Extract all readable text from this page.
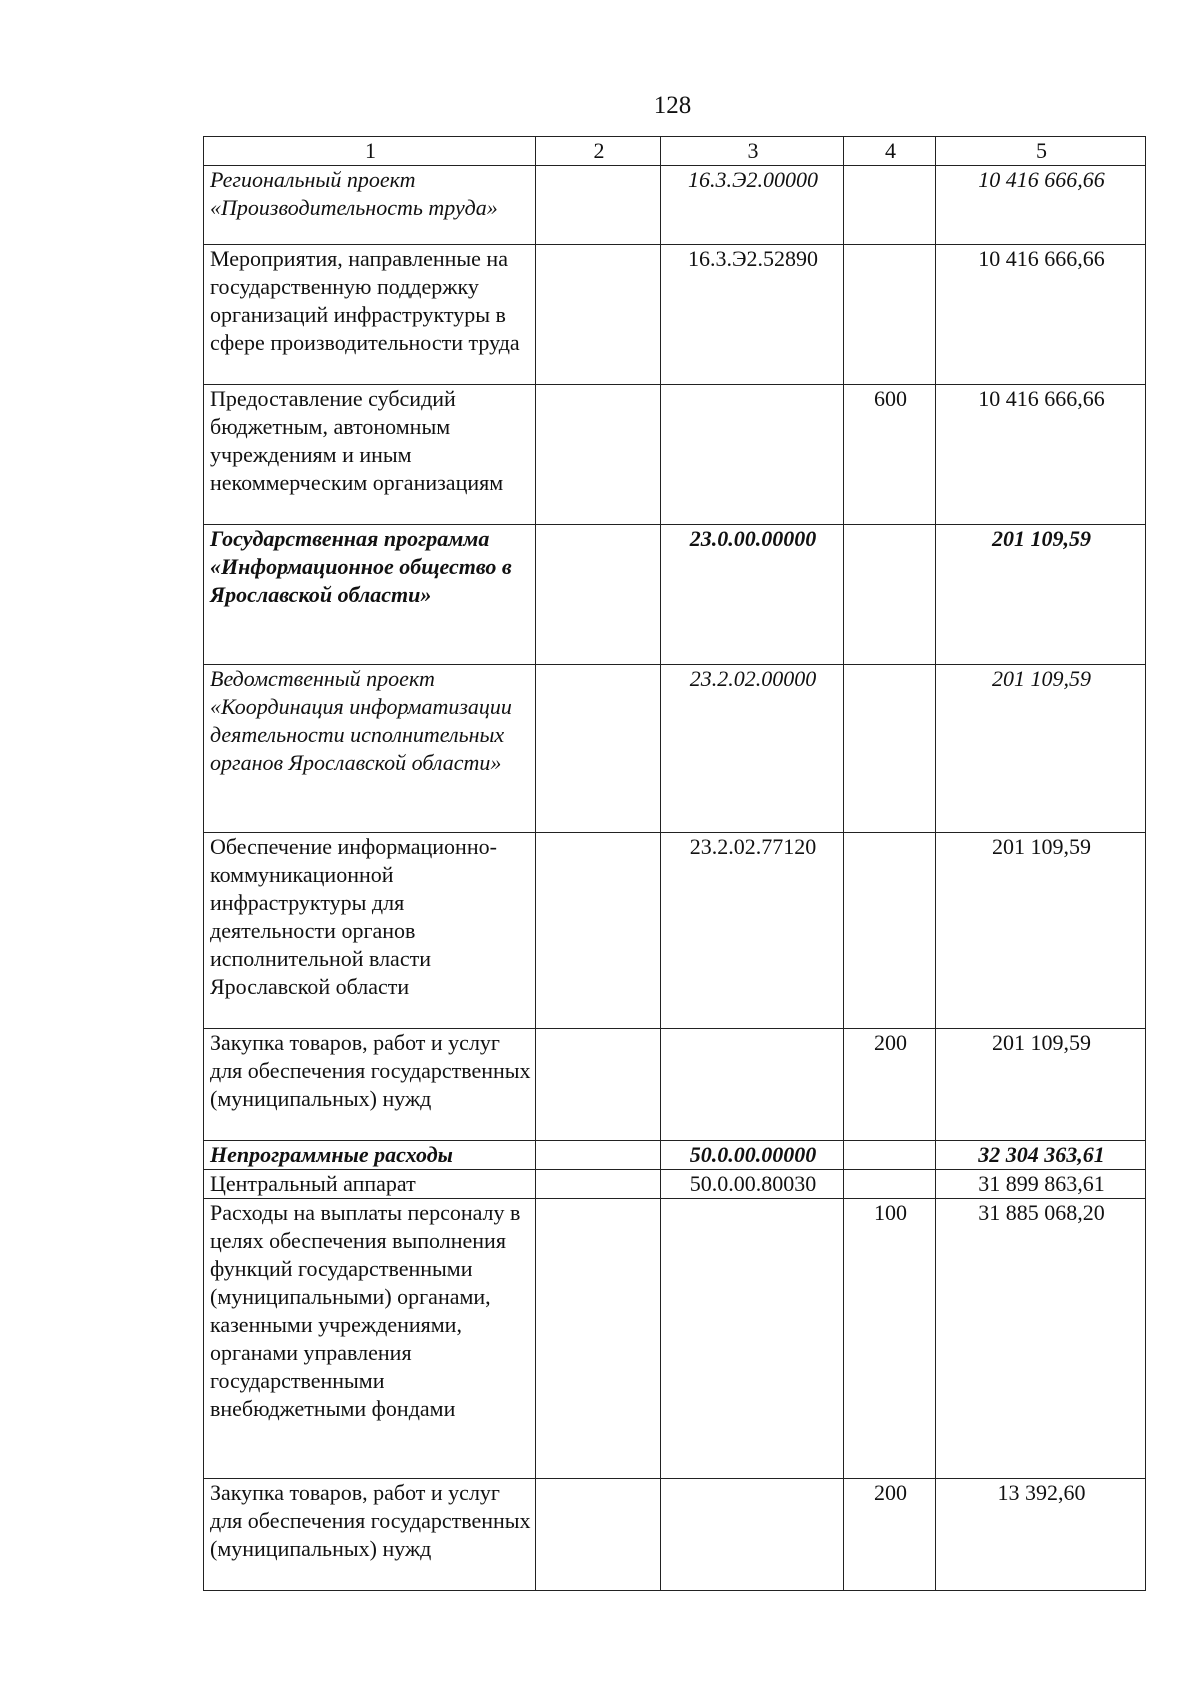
128
1	2	3	4	5
Региональный проект «Производительность труда»		16.3.Э2.00000		10 416 666,66
Мероприятия, направленные на государственную поддержку организаций инфраструктуры в сфере производительности труда		16.3.Э2.52890		10 416 666,66
Предоставление субсидий бюджетным, автономным учреждениям и иным некоммерческим организациям			600	10 416 666,66
Государственная программа «Информационное общество в Ярославской области»		23.0.00.00000		201 109,59
Ведомственный проект «Координация информатизации деятельности исполнительных органов Ярославской области»		23.2.02.00000		201 109,59
Обеспечение информационно-коммуникационной инфраструктуры для деятельности органов исполнительной власти Ярославской области		23.2.02.77120		201 109,59
Закупка товаров, работ и услуг для обеспечения государственных (муниципальных) нужд			200	201 109,59
Непрограммные расходы		50.0.00.00000		32 304 363,61
Центральный аппарат		50.0.00.80030		31 899 863,61
Расходы на выплаты персоналу в целях обеспечения выполнения функций государственными (муниципальными) органами, казенными учреждениями, органами управления государственными внебюджетными фондами			100	31 885 068,20
Закупка товаров, работ и услуг для обеспечения государственных (муниципальных) нужд			200	13 392,60
